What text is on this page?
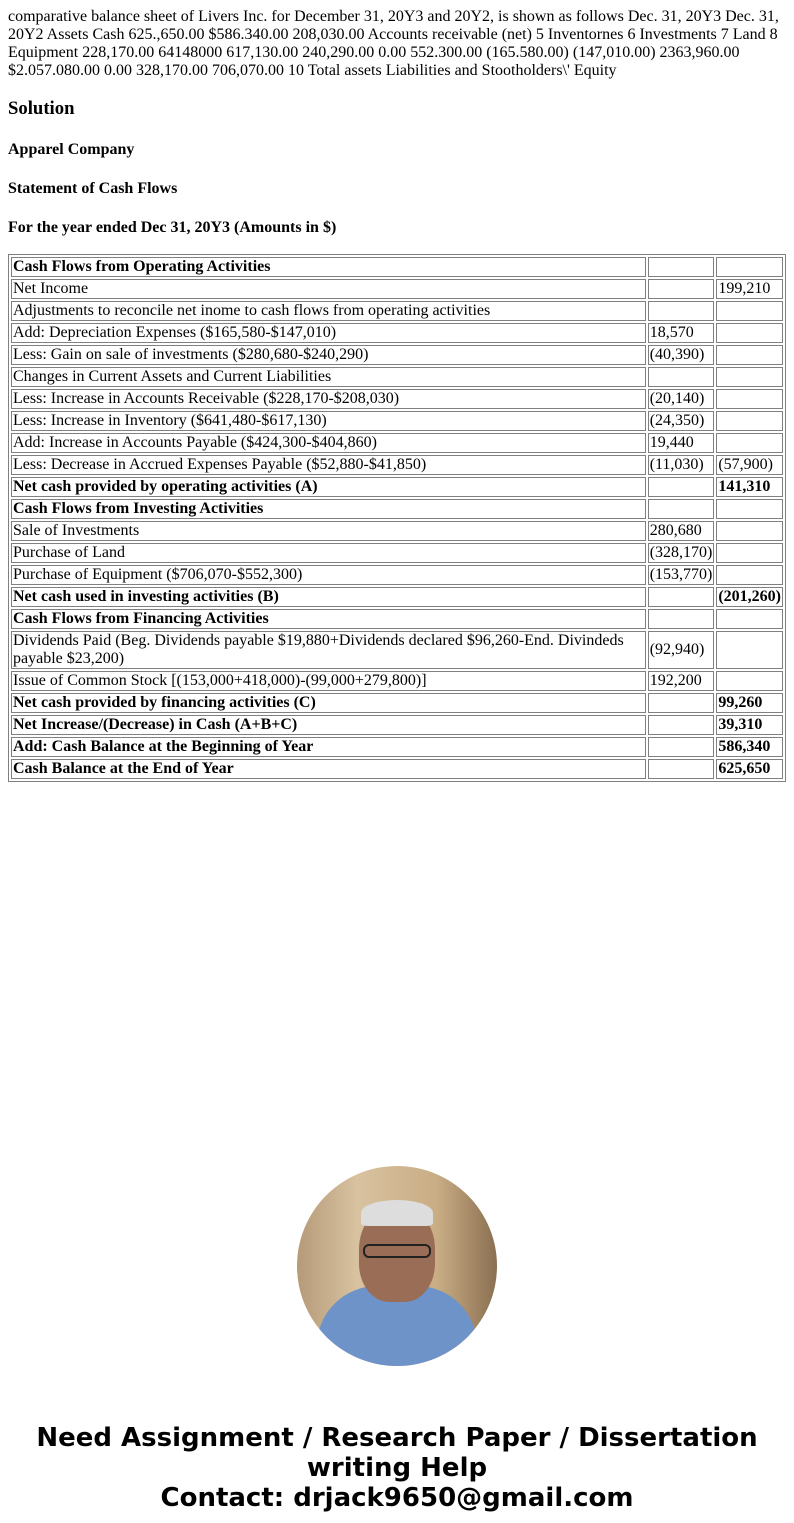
comparative balance sheet of Livers Inc. for December 31, 20Y3 and 20Y2, is shown as follows Dec. 31, 20Y3 Dec. 31, 20Y2 Assets Cash 625.,650.00 $586.340.00 208,030.00 Accounts receivable (net) 5 Inventornes 6 Investments 7 Land 8 Equipment 228,170.00 64148000 617,130.00 240,290.00 0.00 552.300.00 (165.580.00) (147,010.00) 2363,960.00 $2.057.080.00 0.00 328,170.00 706,070.00 10 Total assets Liabilities and Stootholders\' Equity

Solution
Apparel Company
Statement of Cash Flows
For the year ended Dec 31, 20Y3 (Amounts in $)
Cash Flows from Operating Activities		
Net Income		199,210
Adjustments to reconcile net inome to cash flows from operating activities		
Add: Depreciation Expenses ($165,580-$147,010)	18,570	
Less: Gain on sale of investments ($280,680-$240,290)	(40,390)	
Changes in Current Assets and Current Liabilities		
Less: Increase in Accounts Receivable ($228,170-$208,030)	(20,140)	
Less: Increase in Inventory ($641,480-$617,130)	(24,350)	
Add: Increase in Accounts Payable ($424,300-$404,860)	19,440	
Less: Decrease in Accrued Expenses Payable ($52,880-$41,850)	(11,030)	(57,900)
Net cash provided by operating activities (A)		141,310
Cash Flows from Investing Activities		
Sale of Investments	280,680	
Purchase of Land	(328,170)	
Purchase of Equipment ($706,070-$552,300)	(153,770)	
Net cash used in investing activities (B)		(201,260)
Cash Flows from Financing Activities		
Dividends Paid (Beg. Dividends payable $19,880+Dividends declared $96,260-End. Divindeds payable $23,200)	(92,940)	
Issue of Common Stock [(153,000+418,000)-(99,000+279,800)]	192,200	
Net cash provided by financing activities (C)		99,260
Net Increase/(Decrease) in Cash (A+B+C)		39,310
Add: Cash Balance at the Beginning of Year		586,340
Cash Balance at the End of Year		625,650
Need Assignment / Research Paper / Dissertation writing Help
Contact: drjack9650@gmail.com
